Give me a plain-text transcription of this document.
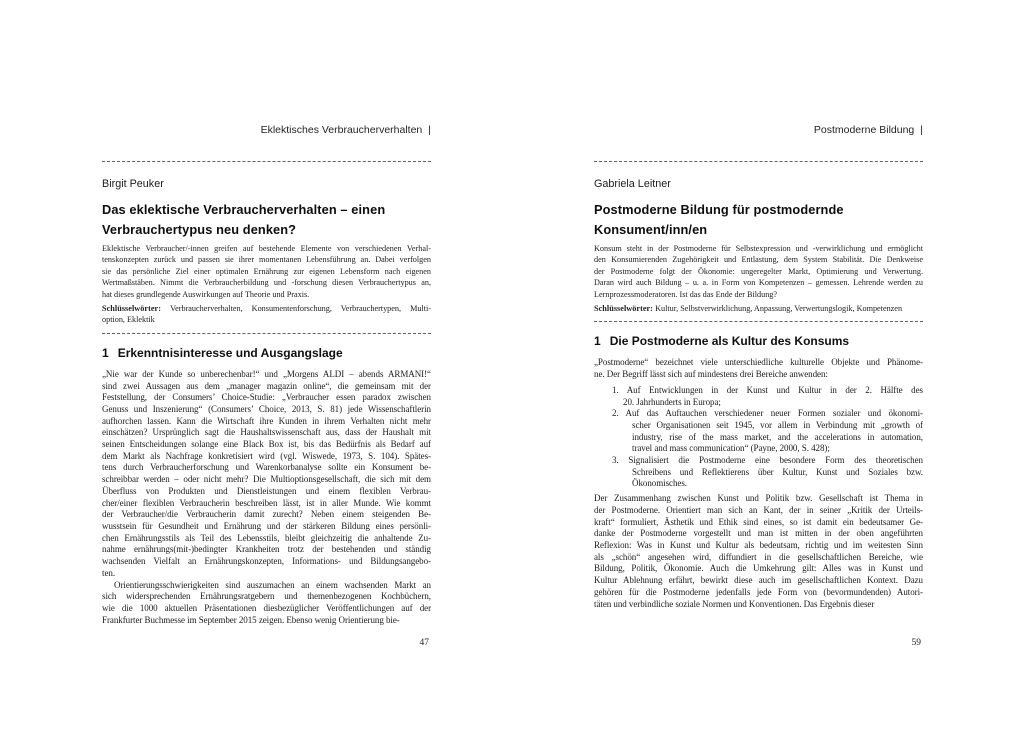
Eklektisches Verbraucherverhalten |
Birgit Peuker
Das eklektische Verbraucherverhalten – einen
Verbrauchertypus neu denken?
Eklektische Verbraucher/-innen greifen auf bestehende Elemente von verschiedenen Verhal-
tenskonzepten zurück und passen sie ihrer momentanen Lebensführung an. Dabei verfolgen
sie das persönliche Ziel einer optimalen Ernährung zur eigenen Lebensform nach eigenen
Wertmaßstäben. Nimmt die Verbraucherbildung und -forschung diesen Verbrauchertypus an,
hat dieses grundlegende Auswirkungen auf Theorie und Praxis.
Schlüsselwörter: Verbraucherverhalten, Konsumentenforschung, Verbrauchertypen, Multi-
option, Eklektik
1 Erkenntnisinteresse und Ausgangslage
„Nie war der Kunde so unberechenbar!“ und „Morgens ALDI – abends ARMANI!“
sind zwei Aussagen aus dem „manager magazin online“, die gemeinsam mit der
Feststellung, der Consumers’ Choice-Studie: „Verbraucher essen paradox zwischen
Genuss und Inszenierung“ (Consumers’ Choice, 2013, S. 81) jede Wissenschaftlerin
aufhorchen lassen. Kann die Wirtschaft ihre Kunden in ihrem Verhalten nicht mehr
einschätzen? Ursprünglich sagt die Haushaltswissenschaft aus, dass der Haushalt mit
seinen Entscheidungen solange eine Black Box ist, bis das Bedürfnis als Bedarf auf
dem Markt als Nachfrage konkretisiert wird (vgl. Wiswede, 1973, S. 104). Spätes-
tens durch Verbraucherforschung und Warenkorbanalyse sollte ein Konsument be-
schreibbar werden – oder nicht mehr? Die Multioptionsgesellschaft, die sich mit dem
Überfluss von Produkten und Dienstleistungen und einem flexiblen Verbrau-
cher/einer flexiblen Verbraucherin beschreiben lässt, ist in aller Munde. Wie kommt
der Verbraucher/die Verbraucherin damit zurecht? Neben einem steigenden Be-
wusstsein für Gesundheit und Ernährung und der stärkeren Bildung eines persönli-
chen Ernährungsstils als Teil des Lebensstils, bleibt gleichzeitig die anhaltende Zu-
nahme ernährungs(mit-)bedingter Krankheiten trotz der bestehenden und ständig
wachsenden Vielfalt an Ernährungskonzepten, Informations- und Bildungsangebo-
ten.
Orientierungsschwierigkeiten sind auszumachen an einem wachsenden Markt an
sich widersprechenden Ernährungsratgebern und themenbezogenen Kochbüchern,
wie die 1000 aktuellen Präsentationen diesbezüglicher Veröffentlichungen auf der
Frankfurter Buchmesse im September 2015 zeigen. Ebenso wenig Orientierung bie-
47
Postmoderne Bildung |
Gabriela Leitner
Postmoderne Bildung für postmodernde
Konsument/inn/en
Konsum steht in der Postmoderne für Selbstexpression und -verwirklichung und ermöglicht
den Konsumierenden Zugehörigkeit und Entlastung, dem System Stabilität. Die Denkweise
der Postmoderne folgt der Ökonomie: ungeregelter Markt, Optimierung und Verwertung.
Daran wird auch Bildung – u. a. in Form von Kompetenzen – gemessen. Lehrende werden zu
Lernprozessmoderatoren. Ist das das Ende der Bildung?
Schlüsselwörter: Kultur, Selbstverwirklichung, Anpassung, Verwertungslogik, Kompetenzen
1 Die Postmoderne als Kultur des Konsums
„Postmoderne“ bezeichnet viele unterschiedliche kulturelle Objekte und Phänome-
ne. Der Begriff lässt sich auf mindestens drei Bereiche anwenden:
1. Auf Entwicklungen in der Kunst und Kultur in der 2. Hälfte des
20. Jahrhunderts in Europa;
2. Auf das Auftauchen verschiedener neuer Formen sozialer und ökonomi-
scher Organisationen seit 1945, vor allem in Verbindung mit „growth of
industry, rise of the mass market, and the accelerations in automation,
travel and mass communication“ (Payne, 2000, S. 428);
3. Signalisiert die Postmoderne eine besondere Form des theoretischen
Schreibens und Reflektierens über Kultur, Kunst und Soziales bzw.
Ökonomisches.
Der Zusammenhang zwischen Kunst und Politik bzw. Gesellschaft ist Thema in
der Postmoderne. Orientiert man sich an Kant, der in seiner „Kritik der Urteils-
kraft“ formuliert, Ästhetik und Ethik sind eines, so ist damit ein bedeutsamer Ge-
danke der Postmoderne vorgestellt und man ist mitten in der oben angeführten
Reflexion: Was in Kunst und Kultur als bedeutsam, richtig und im weitesten Sinn
als „schön“ angesehen wird, diffundiert in die gesellschaftlichen Bereiche, wie
Bildung, Politik, Ökonomie. Auch die Umkehrung gilt: Alles was in Kunst und
Kultur Ablehnung erfährt, bewirkt diese auch im gesellschaftlichen Kontext. Dazu
gehören für die Postmoderne jedenfalls jede Form von (bevormundenden) Autori-
täten und verbindliche soziale Normen und Konventionen. Das Ergebnis dieser
59
